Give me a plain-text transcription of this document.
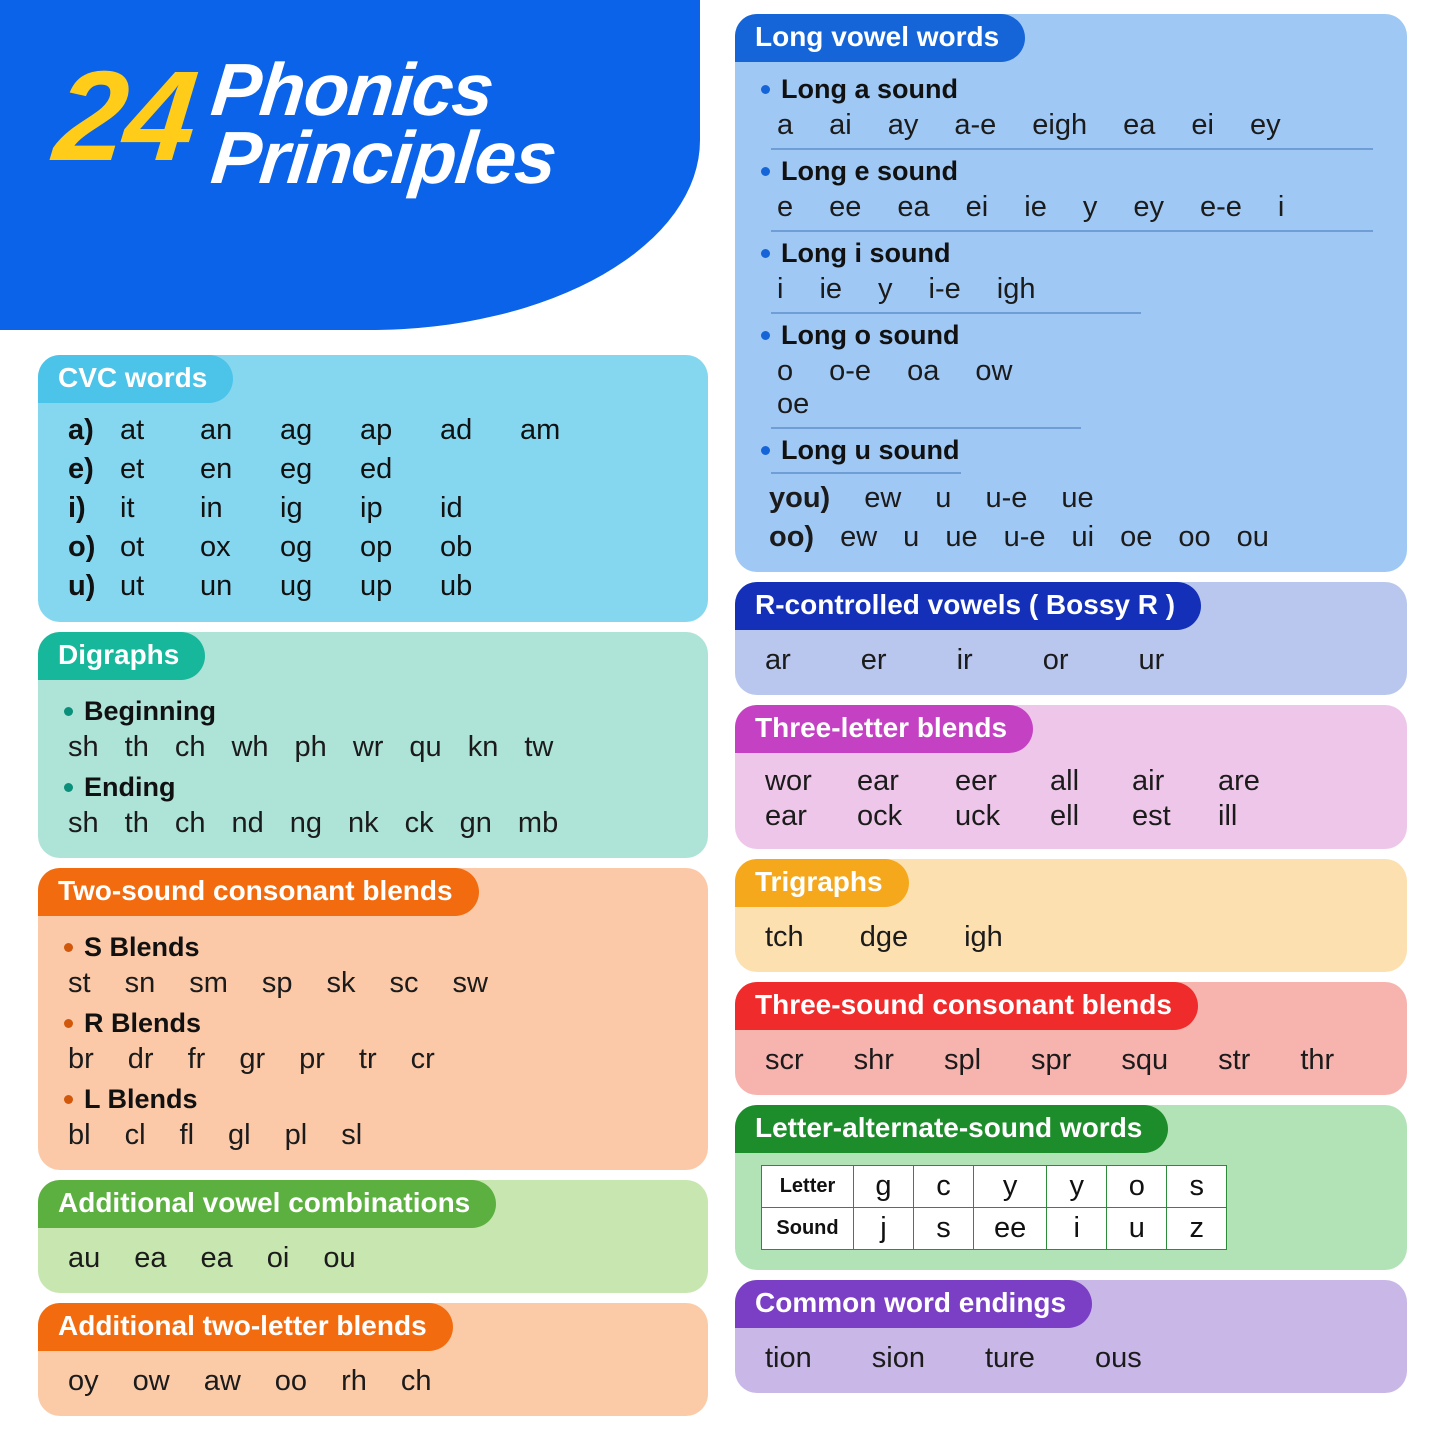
24 Phonics
Principles
CVC words
a) at	an	ag	ap	ad	am
e) et	en	eg	ed
i)	it	in	ig	ip	id
o) ot	ox	og	op	ob
u) ut	un	ug	up	ub
Digraphs
Beginning
sh th ch wh ph wr qu kn tw
Ending
sh th ch nd ng nk ck gn mb
Two-sound consonant blends
S Blends
st sn sm sp sk sc sw
R Blends
br dr fr gr pr tr cr
L Blends
bl cl fl gl pl sl
Additional vowel combinations
au ea ea oi ou
Additional two-letter blends
oy ow aw oo rh ch
Long vowel words
Long a sound
a ai ay a-e eigh ea ei ey
Long e sound
e ee ea ei ie y ey e-e i
Long i sound
i ie y i-e igh
Long o sound
o o-e oa ow
oe
Long u sound
you) ew u u-e ue
oo) ew u ue u-e ui oe oo ou
R-controlled vowels ( Bossy R )
ar er ir or ur
Three-letter blends
wor	ear	eer	all	air	are
ear	ock	uck	ell	est	ill
Trigraphs
tch dge igh
Three-sound consonant blends
scr shr spl spr squ str thr
Letter-alternate-sound words
Letter	g	c	y	y	o	s
Sound	j	s	ee	i	u	z
Common word endings
tion sion ture ous
